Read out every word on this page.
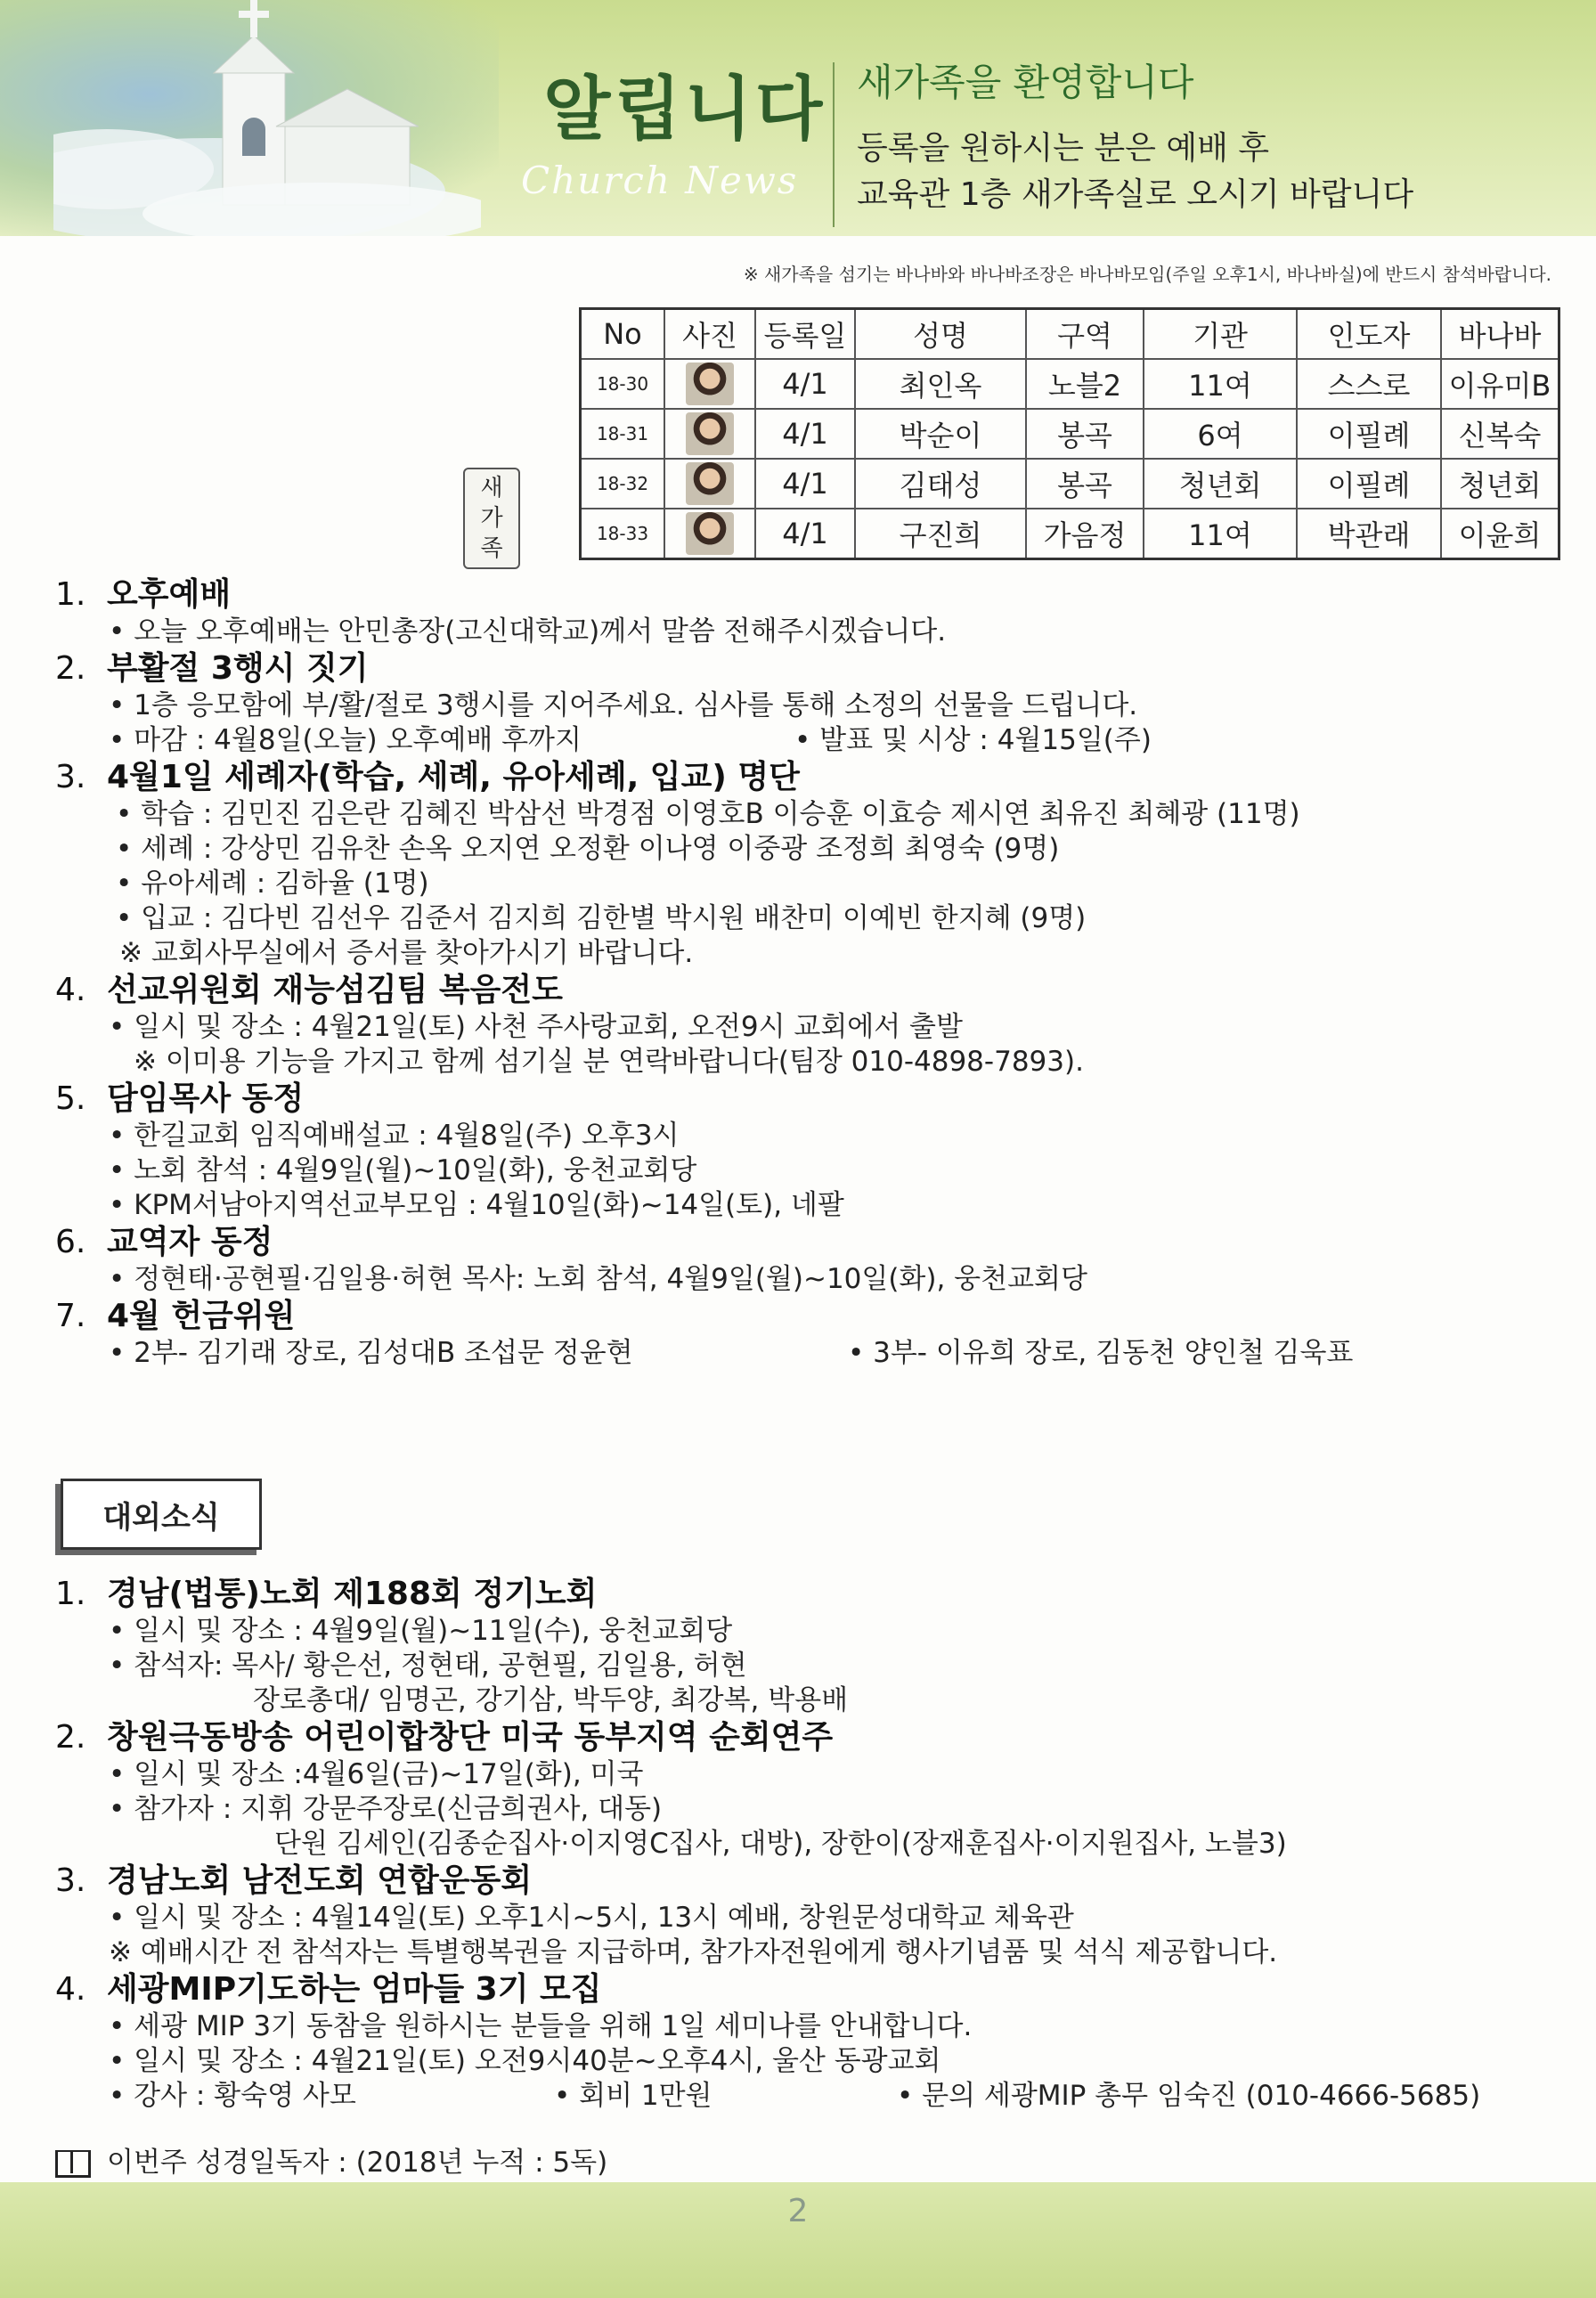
알립니다
Church News
새가족을 환영합니다
등록을 원하시는 분은 예배 후
교육관 1층 새가족실로 오시기 바랍니다
※ 새가족을 섬기는 바나바와 바나바조장은 바나바모임(주일 오후1시, 바나바실)에 반드시 참석바랍니다.
새
가
족
No	사진	등록일	성명	구역	기관	인도자	바나바
18-30		4/1	최인옥	노블2	11여	스스로	이유미B
18-31		4/1	박순이	봉곡	6여	이필례	신복숙
18-32		4/1	김태성	봉곡	청년회	이필례	청년회
18-33		4/1	구진희	가음정	11여	박관래	이윤희
1. 오후예배
• 오늘 오후예배는 안민총장(고신대학교)께서 말씀 전해주시겠습니다.
2. 부활절 3행시 짓기
• 1층 응모함에 부/활/절로 3행시를 지어주세요. 심사를 통해 소정의 선물을 드립니다.
• 마감 : 4월8일(오늘) 오후예배 후까지	• 발표 및 시상 : 4월15일(주)
3. 4월1일 세례자(학습, 세례, 유아세례, 입교) 명단
• 학습 : 김민진 김은란 김혜진 박삼선 박경점 이영호B 이승훈 이효승 제시연 최유진 최혜광 (11명)
• 세례 : 강상민 김유찬 손옥 오지연 오정환 이나영 이중광 조정희 최영숙 (9명)
• 유아세례 : 김하율 (1명)
• 입교 : 김다빈 김선우 김준서 김지희 김한별 박시원 배찬미 이예빈 한지혜 (9명)
※ 교회사무실에서 증서를 찾아가시기 바랍니다.
4. 선교위원회 재능섬김팀 복음전도
• 일시 및 장소 : 4월21일(토) 사천 주사랑교회, 오전9시 교회에서 출발
※ 이미용 기능을 가지고 함께 섬기실 분 연락바랍니다(팀장 010-4898-7893).
5. 담임목사 동정
• 한길교회 임직예배설교 : 4월8일(주) 오후3시
• 노회 참석 : 4월9일(월)~10일(화), 웅천교회당
• KPM서남아지역선교부모임 : 4월10일(화)~14일(토), 네팔
6. 교역자 동정
• 정현태·공현필·김일용·허현 목사: 노회 참석, 4월9일(월)~10일(화), 웅천교회당
7. 4월 헌금위원
• 2부- 김기래 장로, 김성대B 조섭문 정윤현	• 3부- 이유희 장로, 김동천 양인철 김욱표
대외소식
1. 경남(법통)노회 제188회 정기노회
• 일시 및 장소 : 4월9일(월)~11일(수), 웅천교회당
• 참석자: 목사/ 황은선, 정현태, 공현필, 김일용, 허현
장로총대/ 임명곤, 강기삼, 박두양, 최강복, 박용배
2. 창원극동방송 어린이합창단 미국 동부지역 순회연주
• 일시 및 장소 :4월6일(금)~17일(화), 미국
• 참가자 : 지휘 강문주장로(신금희권사, 대동)
단원 김세인(김종순집사·이지영C집사, 대방), 장한이(장재훈집사·이지원집사, 노블3)
3. 경남노회 남전도회 연합운동회
• 일시 및 장소 : 4월14일(토) 오후1시~5시, 13시 예배, 창원문성대학교 체육관
※ 예배시간 전 참석자는 특별행복권을 지급하며, 참가자전원에게 행사기념품 및 석식 제공합니다.
4. 세광MIP기도하는 엄마들 3기 모집
• 세광 MIP 3기 동참을 원하시는 분들을 위해 1일 세미나를 안내합니다.
• 일시 및 장소 : 4월21일(토) 오전9시40분~오후4시, 울산 동광교회
• 강사 : 황숙영 사모	• 회비 1만원	• 문의 세광MIP 총무 임숙진 (010-4666-5685)
이번주 성경일독자 : (2018년 누적 : 5독)
2
